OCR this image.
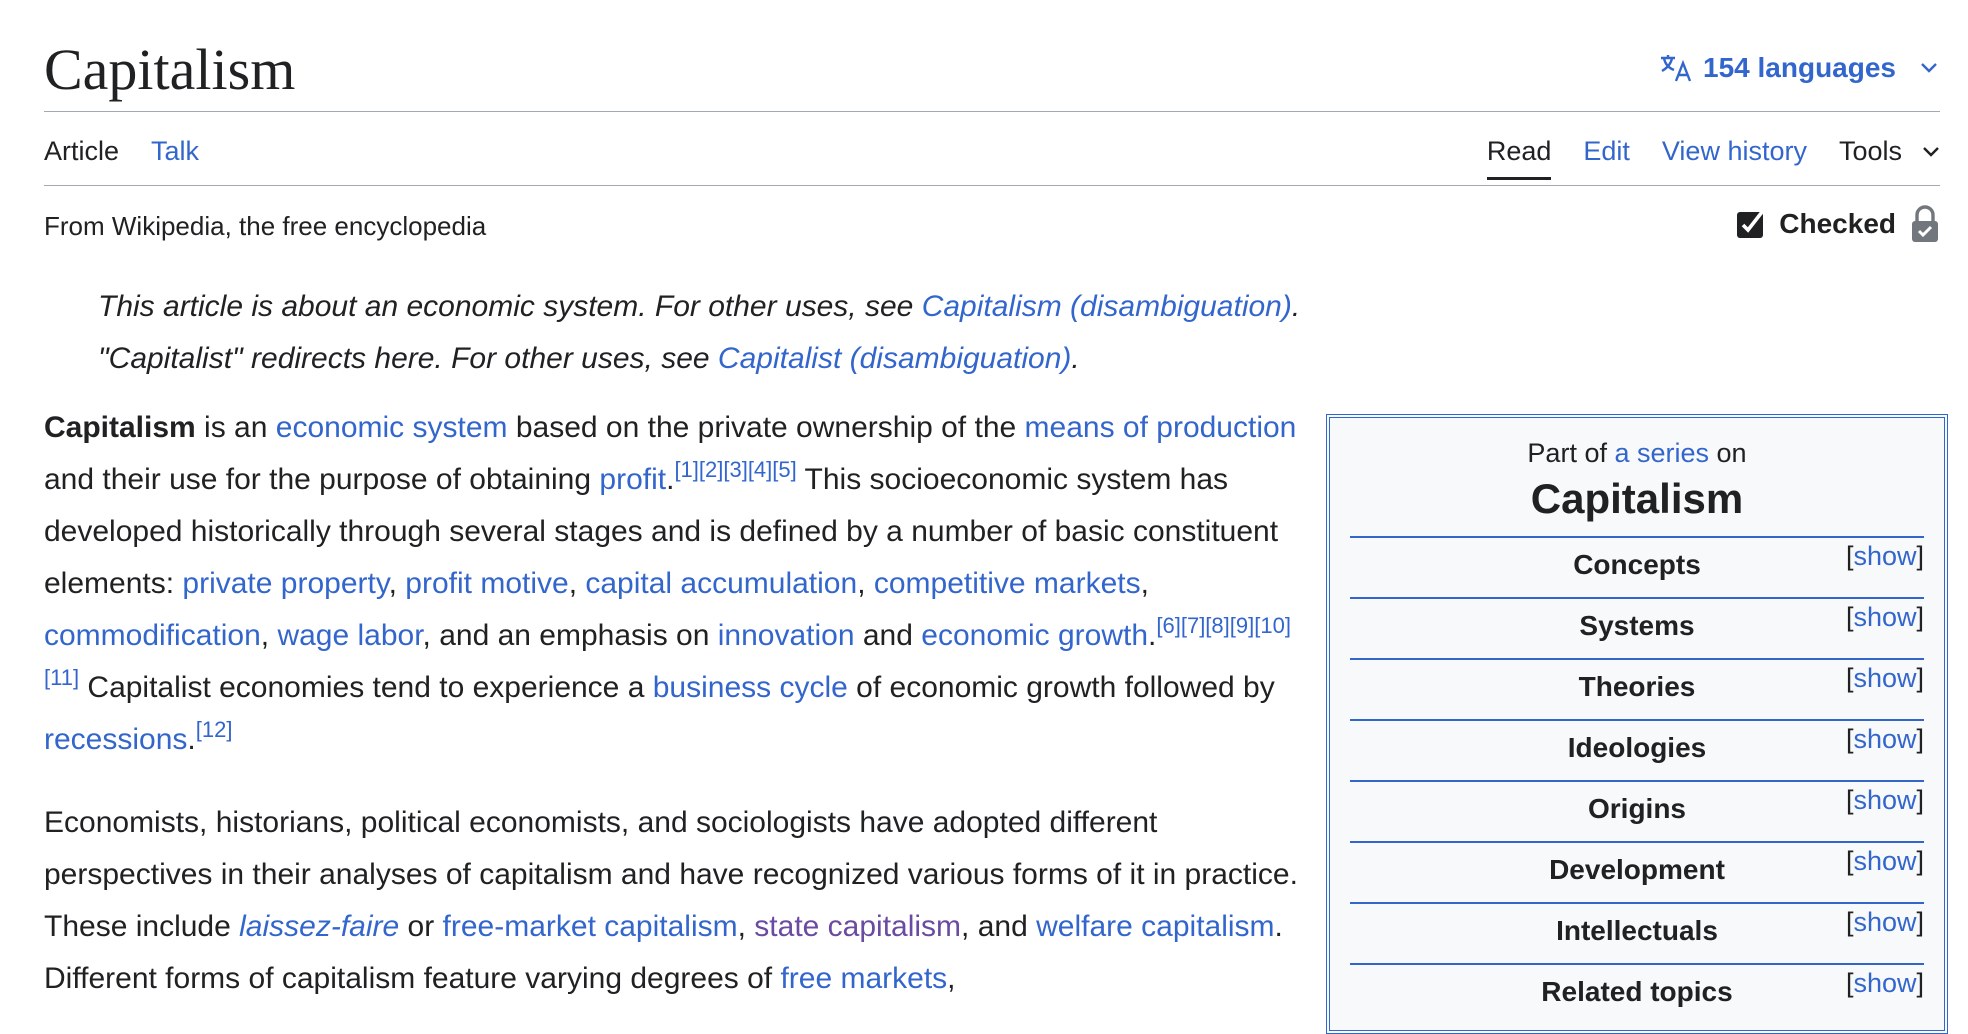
Capitalism	154 languages
Article Talk	Read Edit View history Tools
From Wikipedia, the free encyclopedia	Checked
This article is about an economic system. For other uses, see Capitalism (disambiguation).
"Capitalist" redirects here. For other uses, see Capitalist (disambiguation).

Capitalism is an economic system based on the private ownership of the means of production and their use for the purpose of obtaining profit.[1][2][3][4][5] This socioeconomic system has developed historically through several stages and is defined by a number of basic constituent elements: private property, profit motive, capital accumulation, competitive markets, commodification, wage labor, and an emphasis on innovation and economic growth.[6][7][8][9][10][11] Capitalist economies tend to experience a business cycle of economic growth followed by recessions.[12]

Economists, historians, political economists, and sociologists have adopted different perspectives in their analyses of capitalism and have recognized various forms of it in practice. These include laissez-faire or free-market capitalism, state capitalism, and welfare capitalism. Different forms of capitalism feature varying degrees of free markets,

Part of a series on
Capitalism
Concepts	[show]
Systems	[show]
Theories	[show]
Ideologies	[show]
Origins	[show]
Development	[show]
Intellectuals	[show]
Related topics	[show]
